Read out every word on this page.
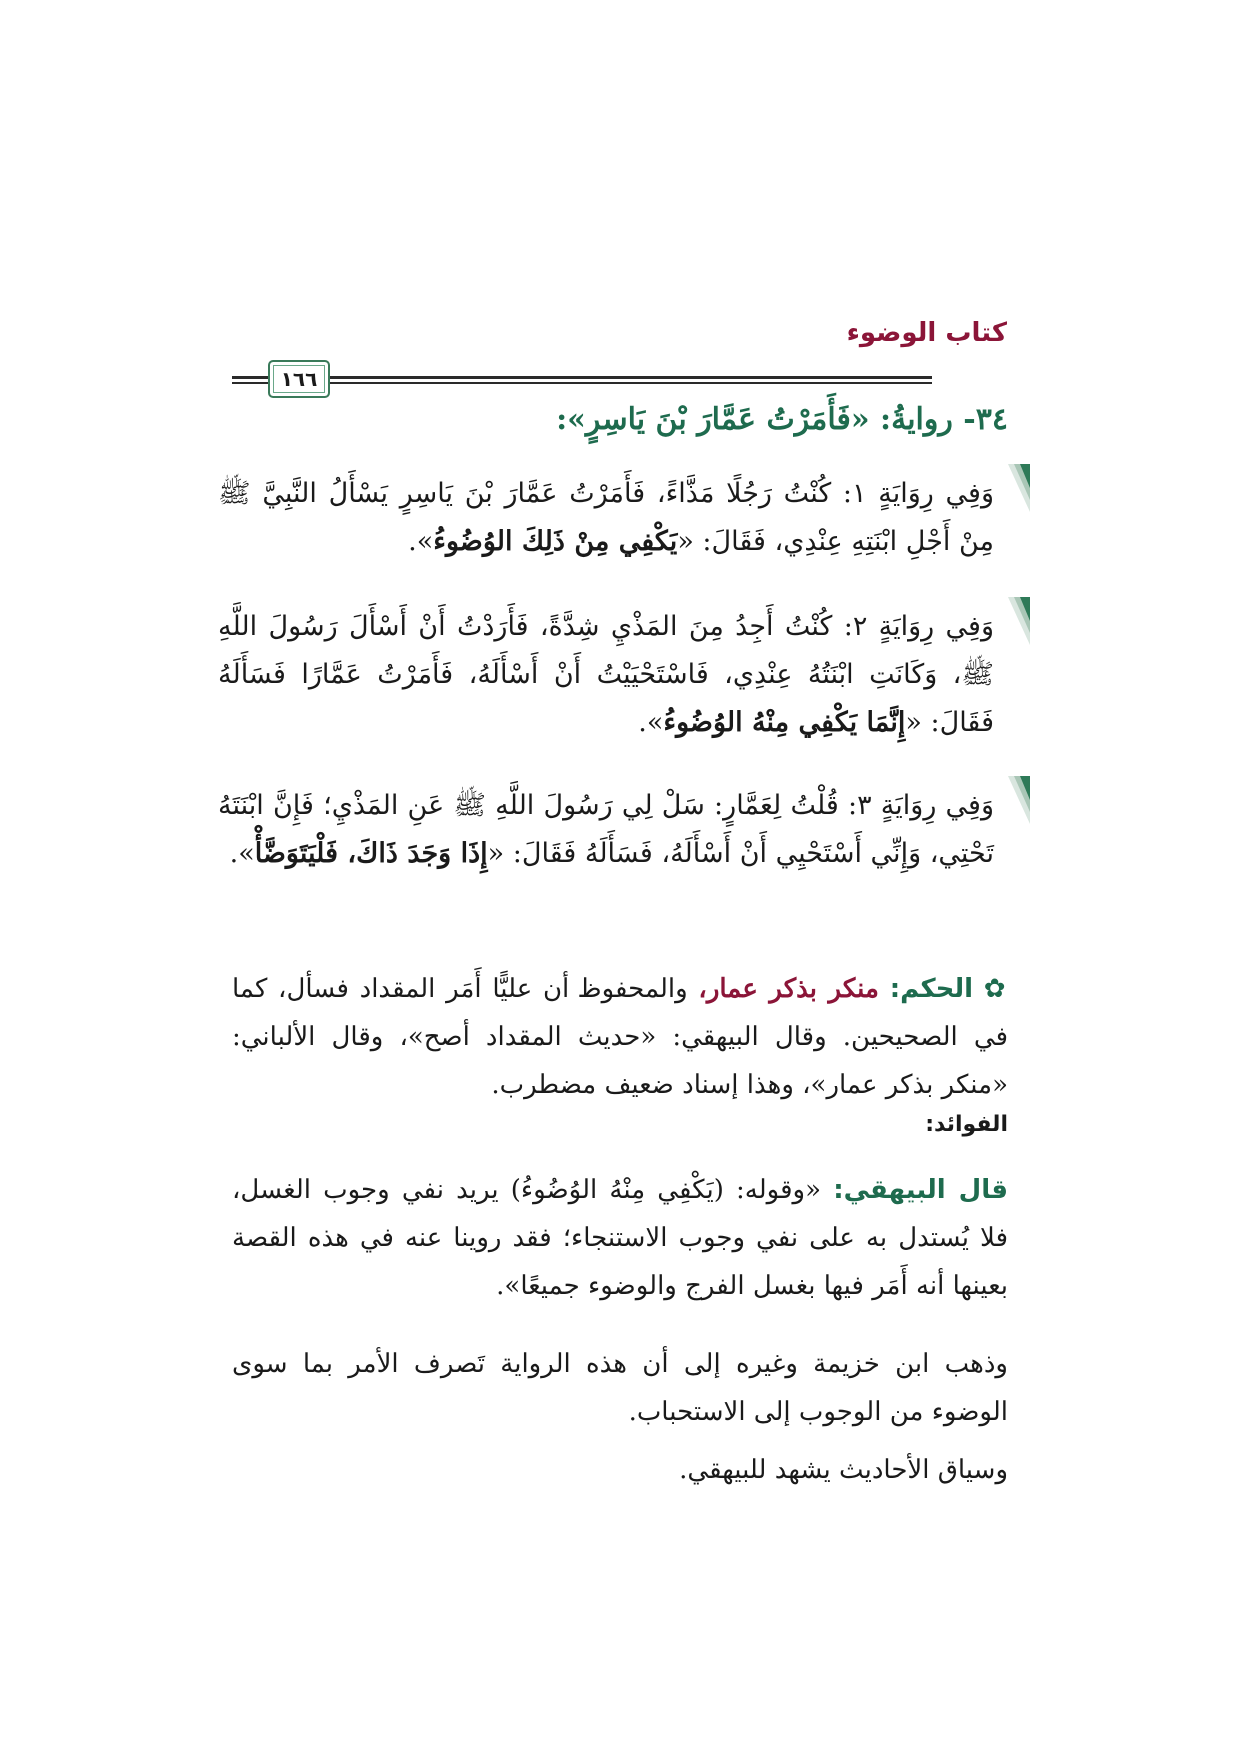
كتاب الوضوء
١٦٦
٣٤- روايةُ: «فَأَمَرْتُ عَمَّارَ بْنَ يَاسِرٍ»:

وَفِي رِوَايَةٍ ١: كُنْتُ رَجُلًا مَذَّاءً، فَأَمَرْتُ عَمَّارَ بْنَ يَاسِرٍ يَسْأَلُ النَّبِيَّ ﷺ مِنْ أَجْلِ ابْنَتِهِ عِنْدِي، فَقَالَ: «يَكْفِي مِنْ ذَلِكَ الوُضُوءُ».

وَفِي رِوَايَةٍ ٢: كُنْتُ أَجِدُ مِنَ المَذْيِ شِدَّةً، فَأَرَدْتُ أَنْ أَسْأَلَ رَسُولَ اللَّهِ ﷺ، وَكَانَتِ ابْنَتُهُ عِنْدِي، فَاسْتَحْيَيْتُ أَنْ أَسْأَلَهُ، فَأَمَرْتُ عَمَّارًا فَسَأَلَهُ فَقَالَ: «إِنَّمَا يَكْفِي مِنْهُ الوُضُوءُ».

وَفِي رِوَايَةٍ ٣: قُلْتُ لِعَمَّارٍ: سَلْ لِي رَسُولَ اللَّهِ ﷺ عَنِ المَذْيِ؛ فَإِنَّ ابْنَتَهُ تَحْتِي، وَإِنِّي أَسْتَحْيِي أَنْ أَسْأَلَهُ، فَسَأَلَهُ فَقَالَ: «إِذَا وَجَدَ ذَاكَ، فَلْيَتَوَضَّأْ».

✿ الحكم: منكر بذكر عمار، والمحفوظ أن عليًّا أَمَر المقداد فسأل، كما في الصحيحين. وقال البيهقي: «حديث المقداد أصح»، وقال الألباني: «منكر بذكر عمار»، وهذا إسناد ضعيف مضطرب.

الفوائد:

قال البيهقي: «وقوله: (يَكْفِي مِنْهُ الوُضُوءُ) يريد نفي وجوب الغسل، فلا يُستدل به على نفي وجوب الاستنجاء؛ فقد روينا عنه في هذه القصة بعينها أنه أَمَر فيها بغسل الفرج والوضوء جميعًا».

وذهب ابن خزيمة وغيره إلى أن هذه الرواية تَصرف الأمر بما سوى الوضوء من الوجوب إلى الاستحباب.

وسياق الأحاديث يشهد للبيهقي.
